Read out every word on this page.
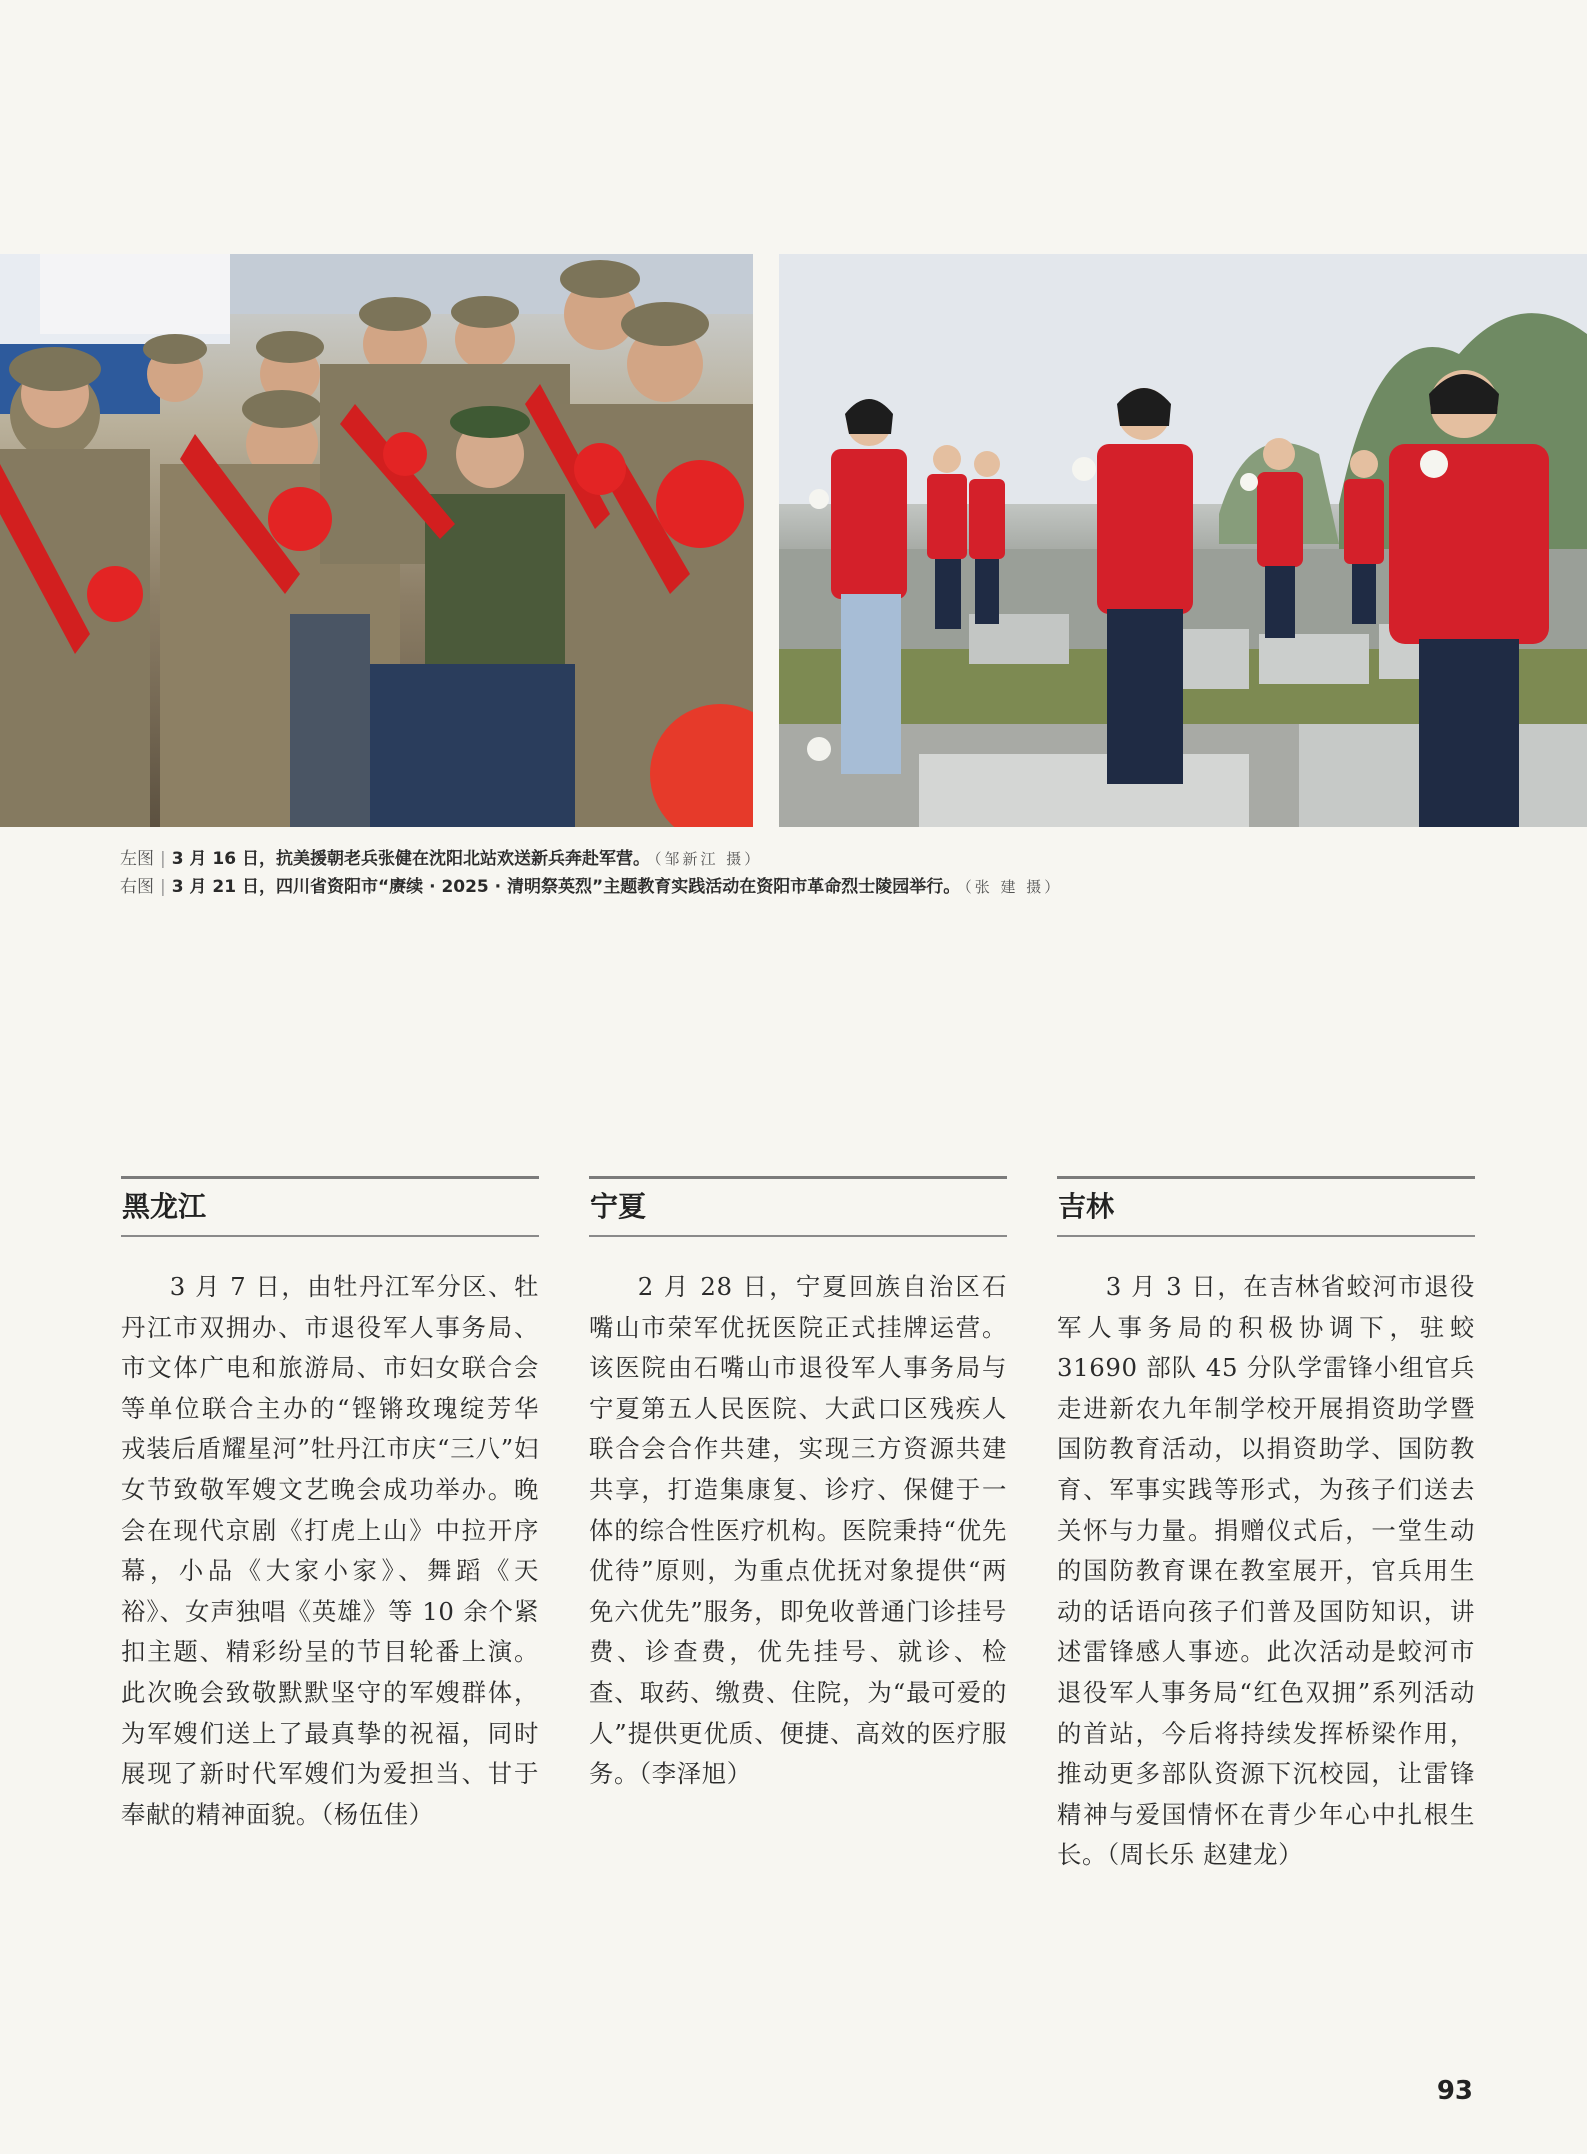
左图 | 3 月 16 日，抗美援朝老兵张健在沈阳北站欢送新兵奔赴军营。 （邹新江 摄）
右图 | 3 月 21 日，四川省资阳市“赓续 · 2025 · 清明祭英烈”主题教育实践活动在资阳市革命烈士陵园举行。 （张 建 摄）
黑龙江
3 月 7 日，由牡丹江军分区、牡丹江市双拥办、市退役军人事务局、市文体广电和旅游局、市妇女联合会等单位联合主办的“铿锵玫瑰绽芳华 戎装后盾耀星河”牡丹江市庆“三八”妇女节致敬军嫂文艺晚会成功举办。晚会在现代京剧《打虎上山》中拉开序幕，小品《大家小家》、舞蹈《天裕》、女声独唱《英雄》等 10 余个紧扣主题、精彩纷呈的节目轮番上演。此次晚会致敬默默坚守的军嫂群体，为军嫂们送上了最真挚的祝福，同时展现了新时代军嫂们为爱担当、甘于奉献的精神面貌。（杨伍佳）
宁夏
2 月 28 日，宁夏回族自治区石嘴山市荣军优抚医院正式挂牌运营。该医院由石嘴山市退役军人事务局与宁夏第五人民医院、大武口区残疾人联合会合作共建，实现三方资源共建共享，打造集康复、诊疗、保健于一体的综合性医疗机构。医院秉持“优先优待”原则，为重点优抚对象提供“两免六优先”服务，即免收普通门诊挂号费、诊查费，优先挂号、就诊、检查、取药、缴费、住院，为“最可爱的人”提供更优质、便捷、高效的医疗服务。（李泽旭）
吉林
3 月 3 日，在吉林省蛟河市退役军人事务局的积极协调下，驻蛟 31690 部队 45 分队学雷锋小组官兵走进新农九年制学校开展捐资助学暨国防教育活动，以捐资助学、国防教育、军事实践等形式，为孩子们送去关怀与力量。捐赠仪式后，一堂生动的国防教育课在教室展开，官兵用生动的话语向孩子们普及国防知识，讲述雷锋感人事迹。此次活动是蛟河市退役军人事务局“红色双拥”系列活动的首站，今后将持续发挥桥梁作用，推动更多部队资源下沉校园，让雷锋精神与爱国情怀在青少年心中扎根生长。（周长乐 赵建龙）
93
